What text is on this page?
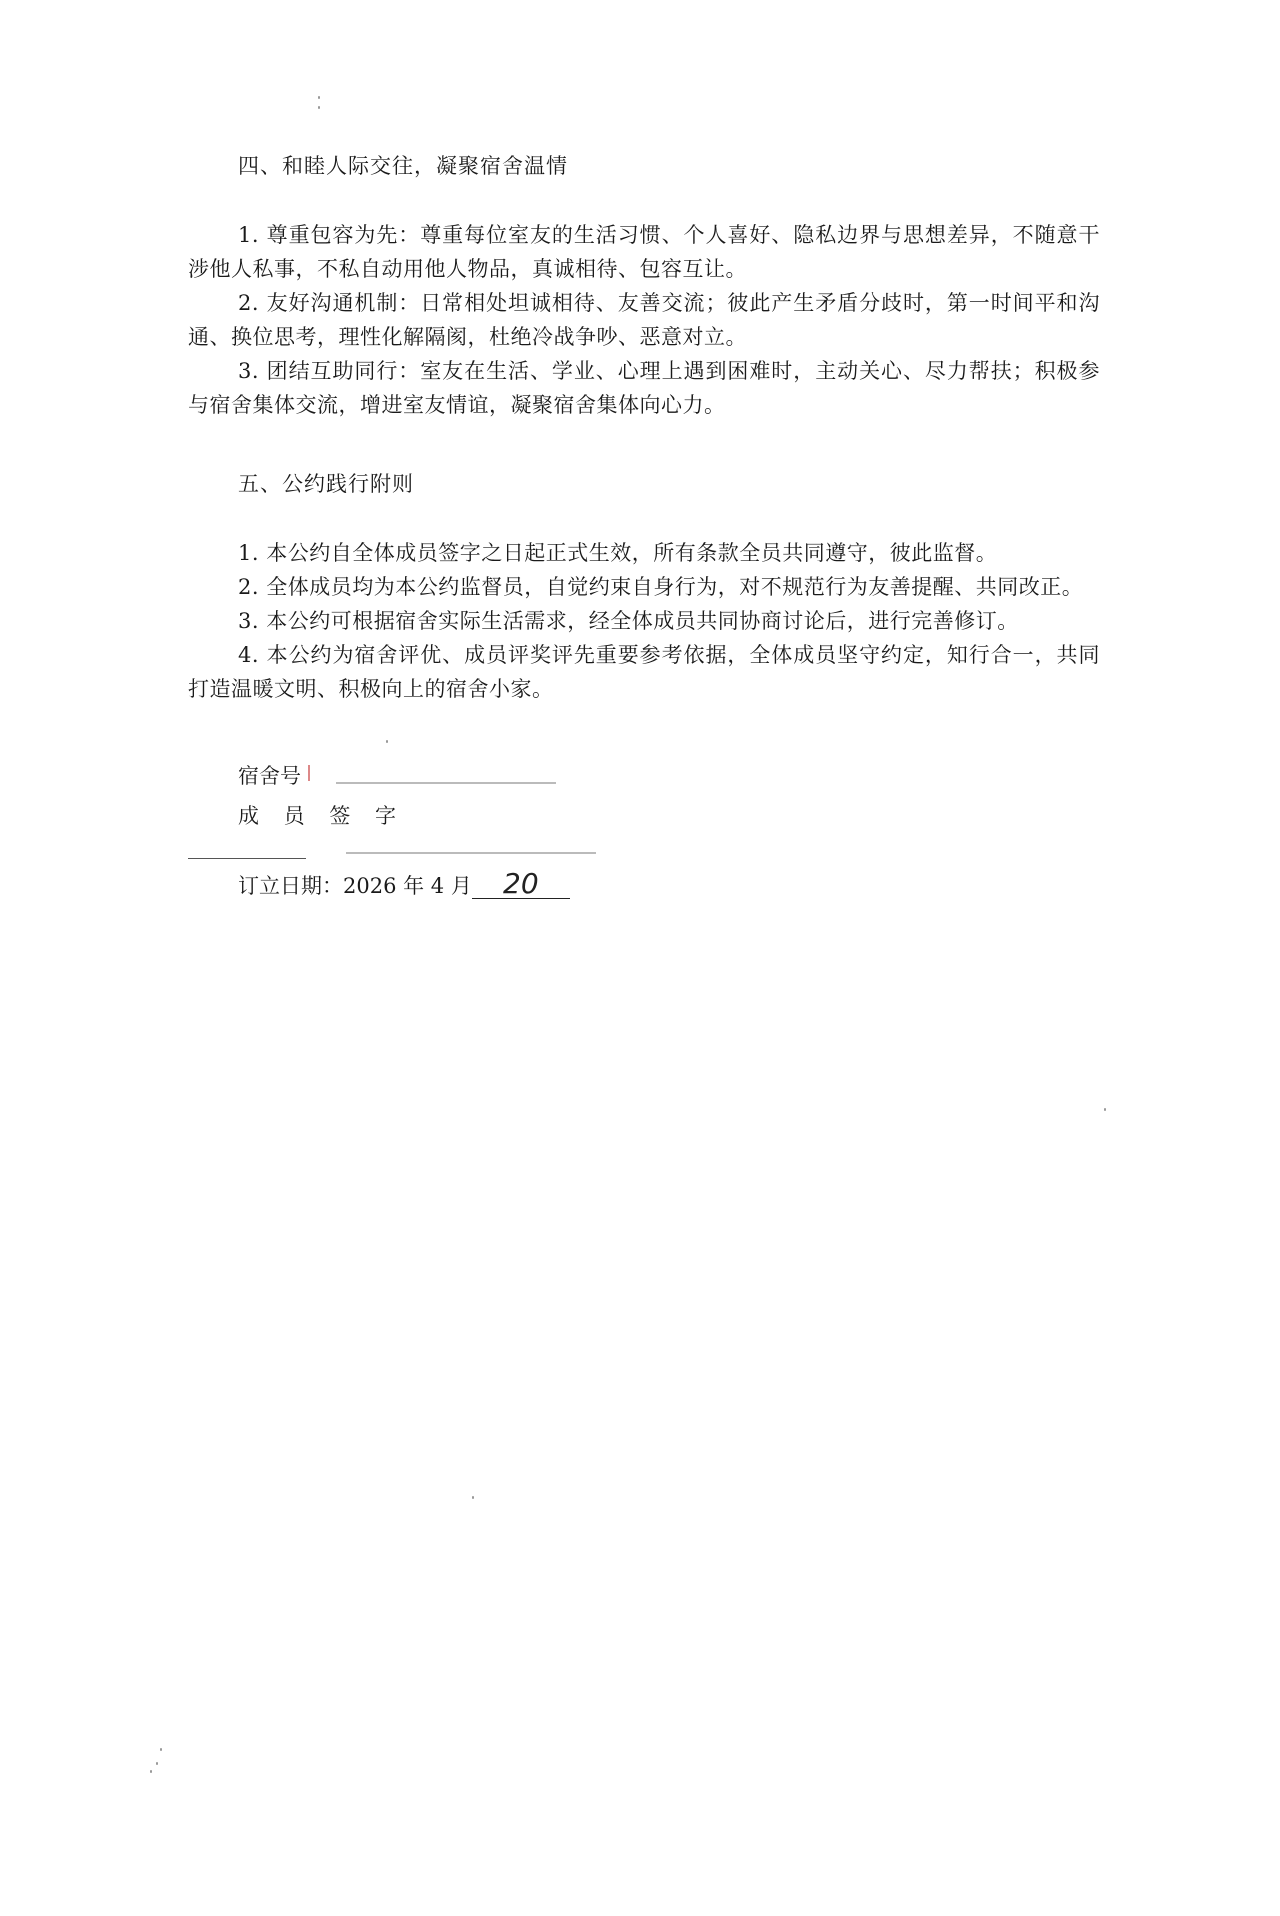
四、和睦人际交往，凝聚宿舍温情

1. 尊重包容为先：尊重每位室友的生活习惯、个人喜好、隐私边界与思想差异，不随意干涉他人私事，不私自动用他人物品，真诚相待、包容互让。

2. 友好沟通机制：日常相处坦诚相待、友善交流；彼此产生矛盾分歧时，第一时间平和沟通、换位思考，理性化解隔阂，杜绝冷战争吵、恶意对立。

3. 团结互助同行：室友在生活、学业、心理上遇到困难时，主动关心、尽力帮扶；积极参与宿舍集体交流，增进室友情谊，凝聚宿舍集体向心力。

五、公约践行附则

1. 本公约自全体成员签字之日起正式生效，所有条款全员共同遵守，彼此监督。

2. 全体成员均为本公约监督员，自觉约束自身行为，对不规范行为友善提醒、共同改正。

3. 本公约可根据宿舍实际生活需求，经全体成员共同协商讨论后，进行完善修订。

4. 本公约为宿舍评优、成员评奖评先重要参考依据，全体成员坚守约定，知行合一，共同打造温暖文明、积极向上的宿舍小家。

宿舍号
成 员 签 字
订立日期：2026 年 4 月 20
